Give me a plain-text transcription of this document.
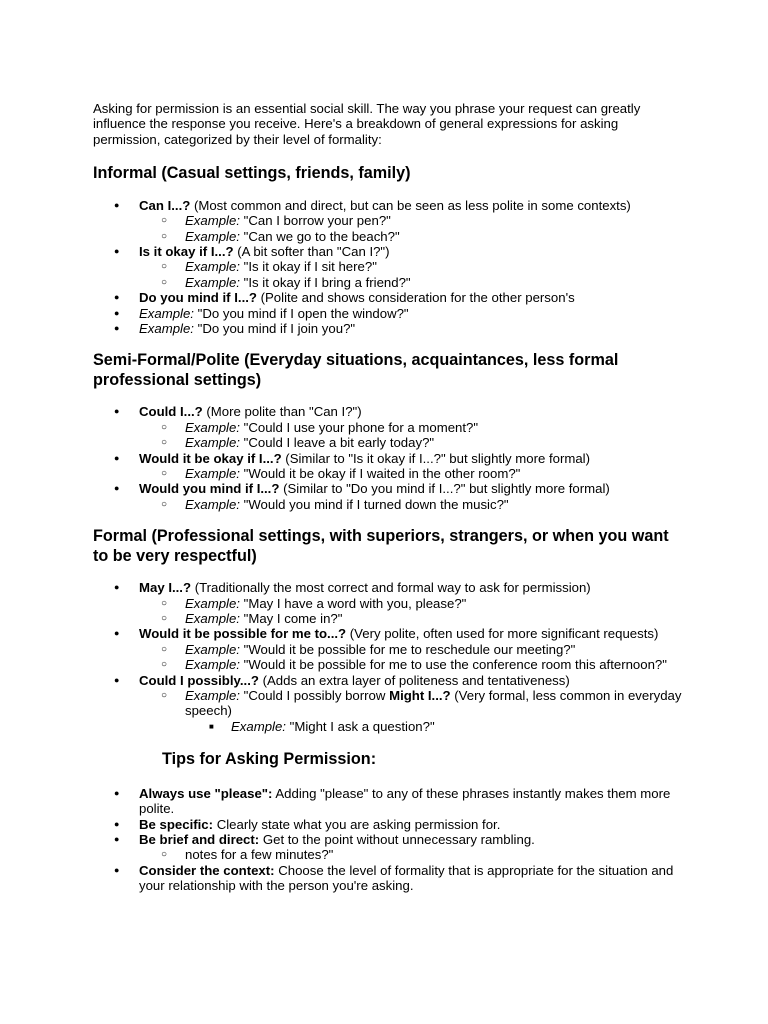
Asking for permission is an essential social skill. The way you phrase your request can greatly influence the response you receive. Here's a breakdown of general expressions for asking permission, categorized by their level of formality:

Informal (Casual settings, friends, family)
● Can I...? (Most common and direct, but can be seen as less polite in some contexts)
○ Example: "Can I borrow your pen?"
○ Example: "Can we go to the beach?"
● Is it okay if I...? (A bit softer than "Can I?")
○ Example: "Is it okay if I sit here?"
○ Example: "Is it okay if I bring a friend?"
● Do you mind if I...? (Polite and shows consideration for the other person's
● Example: "Do you mind if I open the window?"
● Example: "Do you mind if I join you?"
Semi-Formal/Polite (Everyday situations, acquaintances, less formal professional settings)
● Could I...? (More polite than "Can I?")
○ Example: "Could I use your phone for a moment?"
○ Example: "Could I leave a bit early today?"
● Would it be okay if I...? (Similar to "Is it okay if I...?" but slightly more formal)
○ Example: "Would it be okay if I waited in the other room?"
● Would you mind if I...? (Similar to "Do you mind if I...?" but slightly more formal)
○ Example: "Would you mind if I turned down the music?"
Formal (Professional settings, with superiors, strangers, or when you want to be very respectful)
● May I...? (Traditionally the most correct and formal way to ask for permission)
○ Example: "May I have a word with you, please?"
○ Example: "May I come in?"
● Would it be possible for me to...? (Very polite, often used for more significant requests)
○ Example: "Would it be possible for me to reschedule our meeting?"
○ Example: "Would it be possible for me to use the conference room this afternoon?"
● Could I possibly...? (Adds an extra layer of politeness and tentativeness)
○ Example: "Could I possibly borrow Might I...? (Very formal, less common in everyday speech)
■ Example: "Might I ask a question?"
Tips for Asking Permission:
● Always use "please": Adding "please" to any of these phrases instantly makes them more polite.
● Be specific: Clearly state what you are asking permission for.
● Be brief and direct: Get to the point without unnecessary rambling.
○ notes for a few minutes?"
● Consider the context: Choose the level of formality that is appropriate for the situation and your relationship with the person you're asking.
